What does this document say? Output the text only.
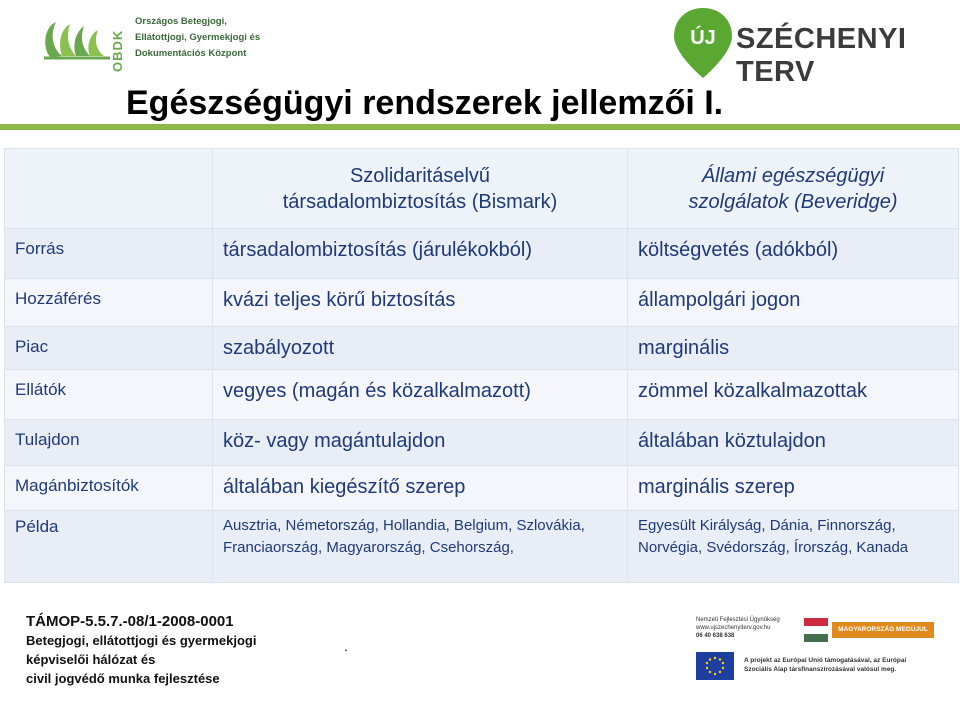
OBDK
Országos Betegjogi,
Ellátottjogi, Gyermekjogi és
Dokumentációs Központ
ÚJ SZÉCHENYI TERV
Egészségügyi rendszerek jellemzői I.
	Szolidaritáselvű
társadalombiztosítás (Bismark)	Állami egészségügyi
szolgálatok (Beveridge)
Forrás	társadalombiztosítás (járulékokból)	költségvetés (adókból)
Hozzáférés	kvázi teljes körű biztosítás	állampolgári jogon
Piac	szabályozott	marginális
Ellátók	vegyes (magán és közalkalmazott)	zömmel közalkalmazottak
Tulajdon	köz- vagy magántulajdon	általában köztulajdon
Magánbiztosítók	általában kiegészítő szerep	marginális szerep
Példa	Ausztria, Németország, Hollandia, Belgium, Szlovákia, Franciaország, Magyarország, Csehország,	Egyesült Királyság, Dánia, Finnország, Norvégia, Svédország, Írország, Kanada
TÁMOP-5.5.7.-08/1-2008-0001
Betegjogi, ellátottjogi és gyermekjogi
képviselői hálózat és
civil jogvédő munka fejlesztése
.
Nemzeti Fejlesztési Ügynökség
www.ujszechenyiterv.gov.hu
06 40 638 638
MAGYARORSZÁG MEGÚJUL
A projekt az Európai Unió támogatásával, az Európai Szociális Alap társfinanszírozásával valósul meg.
